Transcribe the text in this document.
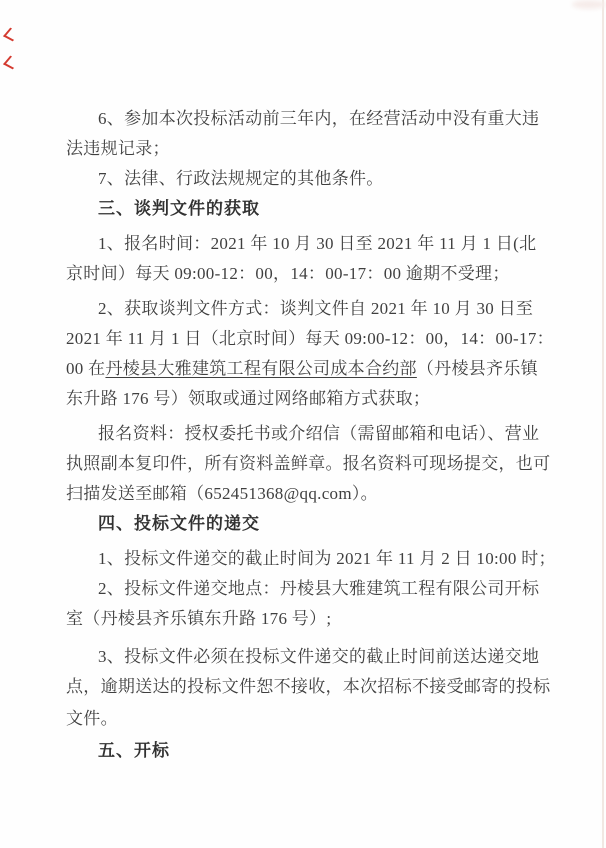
6、参加本次投标活动前三年内，在经营活动中没有重大违

法违规记录；

7、法律、行政法规规定的其他条件。

三、谈判文件的获取

1、报名时间：2021 年 10 月 30 日至 2021 年 11 月 1 日(北

京时间）每天 09:00-12：00，14：00-17：00 逾期不受理；

2、获取谈判文件方式：谈判文件自 2021 年 10 月 30 日至

2021 年 11 月 1 日（北京时间）每天 09:00-12：00，14：00-17：

00 在丹棱县大雅建筑工程有限公司成本合约部（丹棱县齐乐镇

东升路 176 号）领取或通过网络邮箱方式获取；

报名资料：授权委托书或介绍信（需留邮箱和电话）、营业

执照副本复印件，所有资料盖鲜章。报名资料可现场提交，也可

扫描发送至邮箱（652451368@qq.com）。

四、投标文件的递交

1、投标文件递交的截止时间为 2021 年 11 月 2 日 10:00 时；

2、投标文件递交地点：丹棱县大雅建筑工程有限公司开标

室（丹棱县齐乐镇东升路 176 号）;

3、投标文件必须在投标文件递交的截止时间前送达递交地

点，逾期送达的投标文件恕不接收，本次招标不接受邮寄的投标

文件。

五、开标
